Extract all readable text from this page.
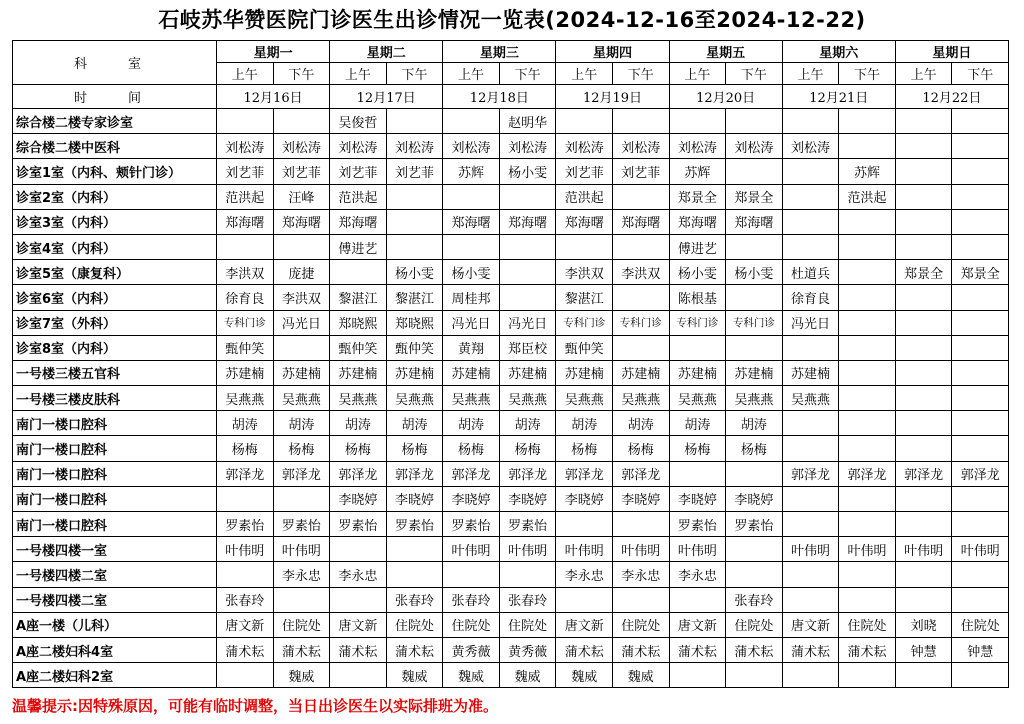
石岐苏华赞医院门诊医生出诊情况一览表(2024-12-16至2024-12-22)
科　室	星期一		星期二		星期三		星期四		星期五		星期六		星期日	
	上午	下午	上午	下午	上午	下午	上午	下午	上午	下午	上午	下午	上午	下午
时　间	12月16日		12月17日		12月18日		12月19日		12月20日		12月21日		12月22日	
综合楼二楼专家诊室			吴俊哲			赵明华								
综合楼二楼中医科	刘松涛	刘松涛	刘松涛	刘松涛	刘松涛	刘松涛	刘松涛	刘松涛	刘松涛	刘松涛	刘松涛			
诊室1室（内科、颊针门诊）	刘艺菲	刘艺菲	刘艺菲	刘艺菲	苏辉	杨小雯	刘艺菲	刘艺菲	苏辉			苏辉		
诊室2室（内科）	范洪起	汪峰	范洪起				范洪起		郑景全	郑景全		范洪起		
诊室3室（内科）	郑海曙	郑海曙	郑海曙		郑海曙	郑海曙	郑海曙	郑海曙	郑海曙	郑海曙				
诊室4室（内科）			傅进艺						傅进艺					
诊室5室（康复科）	李洪双	庞捷		杨小雯	杨小雯		李洪双	李洪双	杨小雯	杨小雯	杜道兵		郑景全	郑景全
诊室6室（内科）	徐育良	李洪双	黎湛江	黎湛江	周桂邦		黎湛江		陈根基		徐育良			
诊室7室（外科）	专科门诊	冯光日	郑晓熙	郑晓熙	冯光日	冯光日	专科门诊	专科门诊	专科门诊	专科门诊	冯光日			
诊室8室（内科）	甄仲笑		甄仲笑	甄仲笑	黄翔	郑臣校	甄仲笑							
一号楼三楼五官科	苏建楠	苏建楠	苏建楠	苏建楠	苏建楠	苏建楠	苏建楠	苏建楠	苏建楠	苏建楠	苏建楠			
一号楼三楼皮肤科	吴燕燕	吴燕燕	吴燕燕	吴燕燕	吴燕燕	吴燕燕	吴燕燕	吴燕燕	吴燕燕	吴燕燕	吴燕燕			
南门一楼口腔科	胡涛	胡涛	胡涛	胡涛	胡涛	胡涛	胡涛	胡涛	胡涛	胡涛				
南门一楼口腔科	杨梅	杨梅	杨梅	杨梅	杨梅	杨梅	杨梅	杨梅	杨梅	杨梅				
南门一楼口腔科	郭泽龙	郭泽龙	郭泽龙	郭泽龙	郭泽龙	郭泽龙	郭泽龙	郭泽龙			郭泽龙	郭泽龙	郭泽龙	郭泽龙
南门一楼口腔科			李晓婷	李晓婷	李晓婷	李晓婷	李晓婷	李晓婷	李晓婷	李晓婷				
南门一楼口腔科	罗素怡	罗素怡	罗素怡	罗素怡	罗素怡	罗素怡			罗素怡	罗素怡				
一号楼四楼一室	叶伟明	叶伟明			叶伟明	叶伟明	叶伟明	叶伟明	叶伟明		叶伟明	叶伟明	叶伟明	叶伟明
一号楼四楼二室		李永忠	李永忠				李永忠	李永忠	李永忠					
一号楼四楼二室	张春玲			张春玲	张春玲	张春玲				张春玲				
A座一楼（儿科）	唐文新	住院处	唐文新	住院处	住院处	住院处	唐文新	住院处	唐文新	住院处	唐文新	住院处	刘晓	住院处
A座二楼妇科4室	蒲术耘	蒲术耘	蒲术耘	蒲术耘	黄秀薇	黄秀薇	蒲术耘	蒲术耘	蒲术耘	蒲术耘	蒲术耘	蒲术耘	钟慧	钟慧
A座二楼妇科2室		魏威		魏威	魏威	魏威	魏威	魏威						
温馨提示:因特殊原因，可能有临时调整，当日出诊医生以实际排班为准。
